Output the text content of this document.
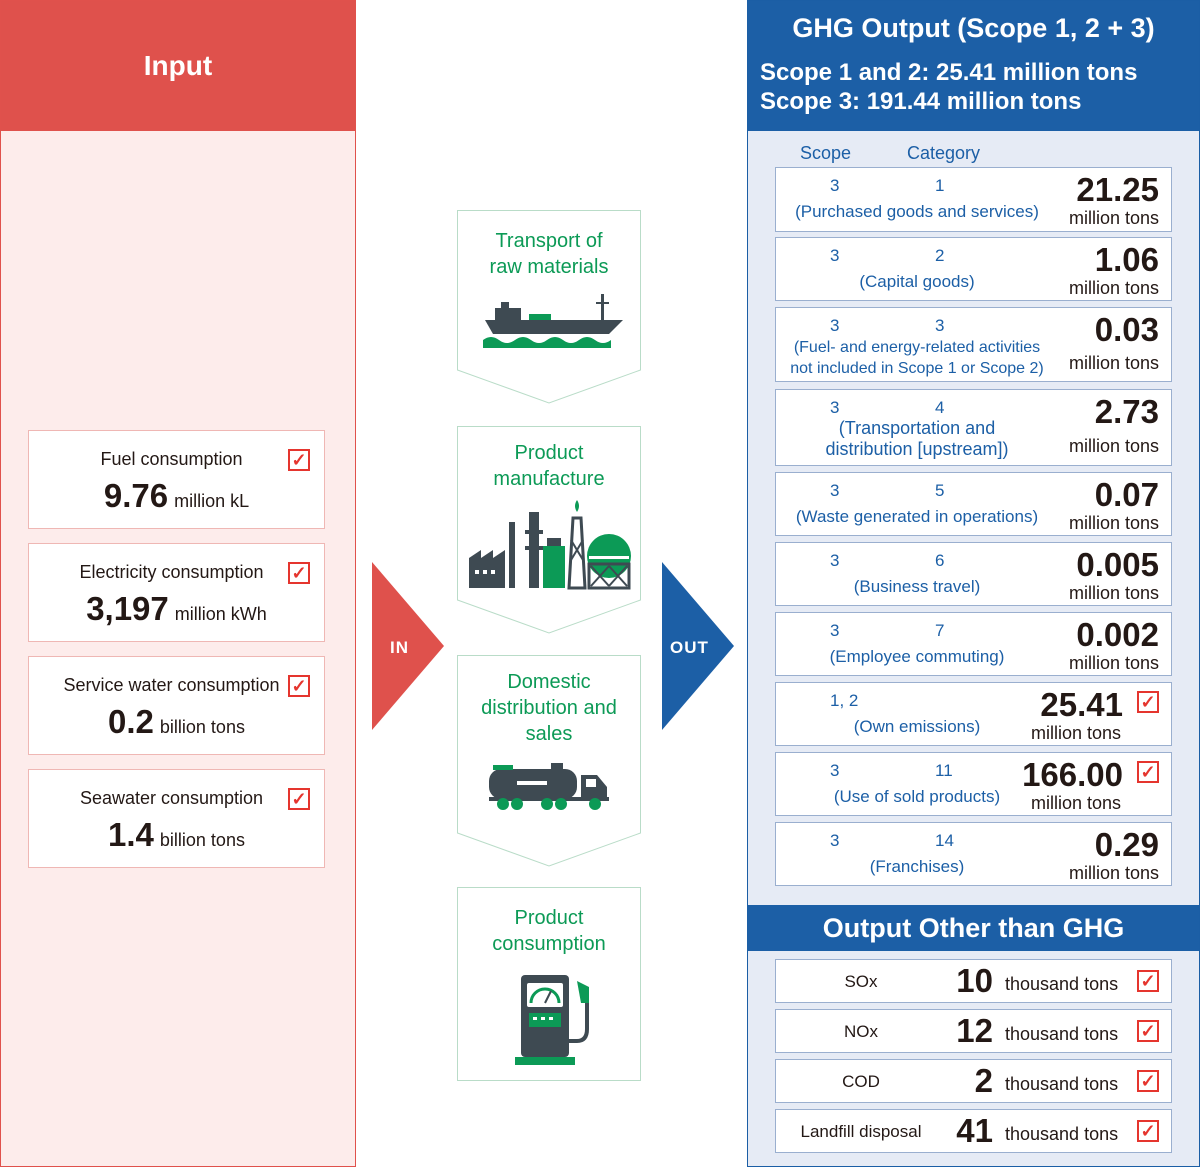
Input
Fuel consumption	✓
9.76 million kL
Electricity consumption	✓
3,197 million kWh
Service water consumption ✓
0.2 billion tons
Seawater consumption	✓
1.4 billion tons
IN	OUT
Transport of
raw materials
Product
manufacture
Domestic
distribution and
sales
Product
consumption
GHG Output (Scope 1, 2 + 3)
Scope 1 and 2: 25.41 million tons
Scope 3: 191.44 million tons
Scope	Category
3	1
(Purchased goods and services)
21.25
million tons
3	2
(Capital goods)
1.06
million tons
3	3
(Fuel- and energy-related activities
not included in Scope 1 or Scope 2)
0.03
million tons
3	4
(Transportation and
distribution [upstream])
2.73
million tons
3	5
(Waste generated in operations)
0.07
million tons
3	6
(Business travel)
0.005
million tons
3	7
(Employee commuting)
0.002
million tons
1, 2
(Own emissions)
25.41 ✓
million tons
3	11
(Use of sold products)
166.00 ✓
million tons
3	14
(Franchises)
0.29
million tons
Output Other than GHG
SOx	10 thousand tons ✓
NOx	12 thousand tons ✓
COD	2 thousand tons ✓
Landfill disposal	41 thousand tons ✓
